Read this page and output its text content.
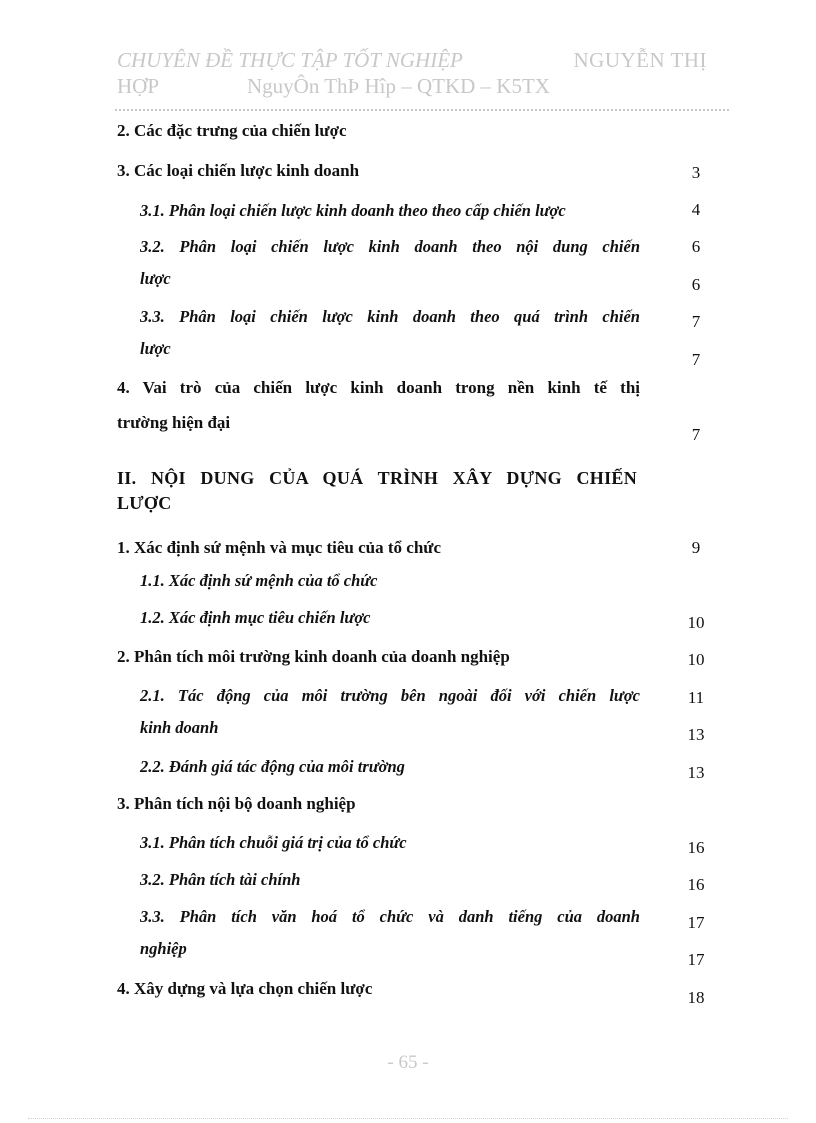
CHUYÊN ĐỀ THỰC TẬP TỐT NGHIỆP	NGUYỄN THỊ
HỢP	NguyÔn ThÞ Hîp – QTKD – K5TX
2. Các đặc trưng của chiến lược
3. Các loại chiến lược kinh doanh
3.1. Phân loại chiến lược kinh doanh theo theo cấp chiến lược
3.2. Phân loại chiến lược kinh doanh theo nội dung chiến
lược
3.3. Phân loại chiến lược kinh doanh theo quá trình chiến
lược
4. Vai trò của chiến lược kinh doanh trong nền kinh tế thị
trường hiện đại
II. NỘI DUNG CỦA QUÁ TRÌNH XÂY DỰNG CHIẾN
LƯỢC
1. Xác định sứ mệnh và mục tiêu của tổ chức
1.1. Xác định sứ mệnh của tổ chức
1.2. Xác định mục tiêu chiến lược
2. Phân tích môi trường kinh doanh của doanh nghiệp
2.1. Tác động của môi trường bên ngoài đối với chiến lược
kinh doanh
2.2. Đánh giá tác động của môi trường
3. Phân tích nội bộ doanh nghiệp
3.1. Phân tích chuỗi giá trị của tổ chức
3.2. Phân tích tài chính
3.3. Phân tích văn hoá tổ chức và danh tiếng của doanh
nghiệp
4. Xây dựng và lựa chọn chiến lược
3
4
6
6
7
7
7
9
10
10
11
13
13
16
16
17
17
18
- 65 -
